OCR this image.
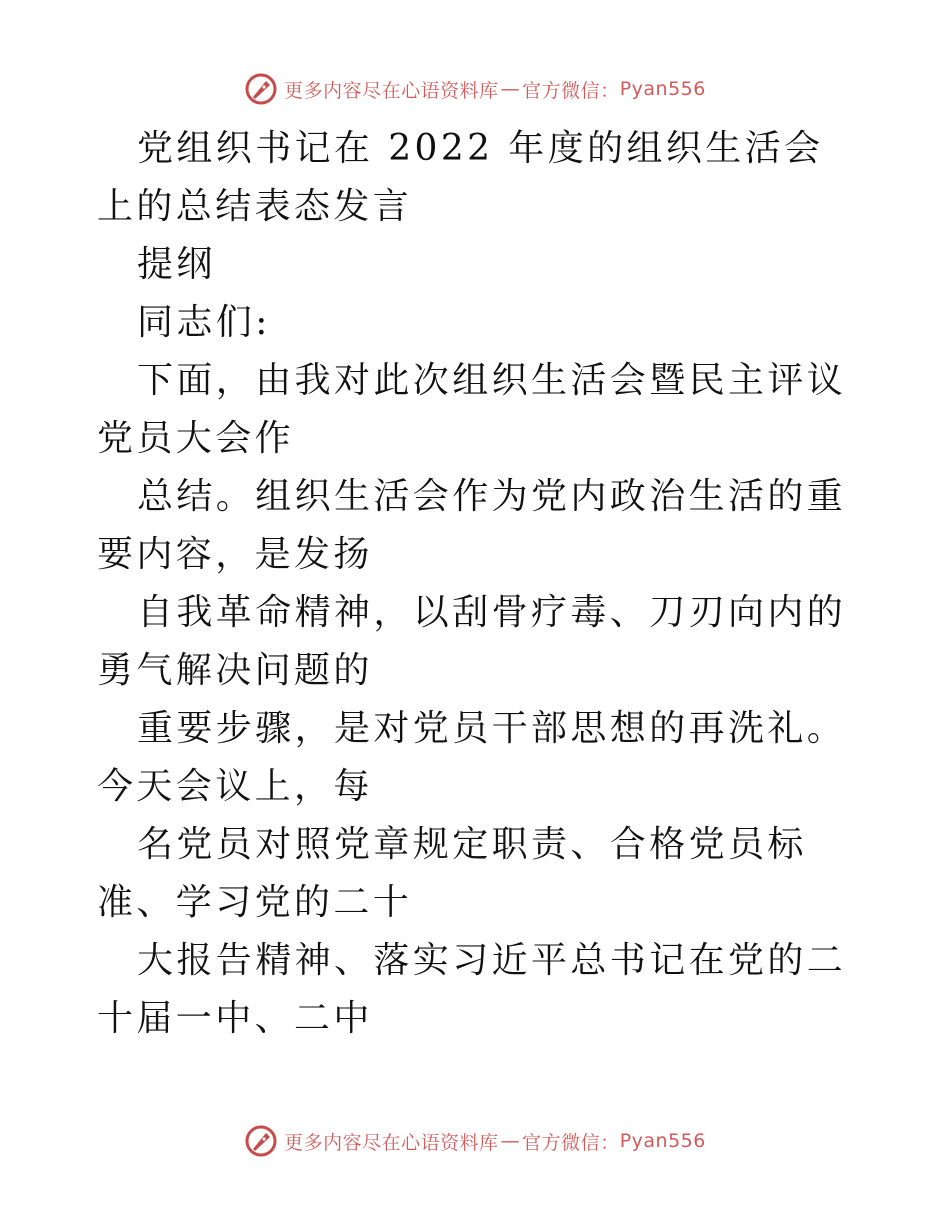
更多内容尽在心语资料库 — 官方微信： Pyan556

党组织书记在 2022 年度的组织生活会上的总结表态发言

提纲

同志们:

下面，由我对此次组织生活会暨民主评议党员大会作

总结。组织生活会作为党内政治生活的重要内容，是发扬

自我革命精神，以刮骨疗毒、刀刃向内的勇气解决问题的

重要步骤，是对党员干部思想的再洗礼。今天会议上，每

名党员对照党章规定职责、合格党员标准、学习党的二十

大报告精神、落实习近平总书记在党的二十届一中、二中

更多内容尽在心语资料库 — 官方微信： Pyan556
